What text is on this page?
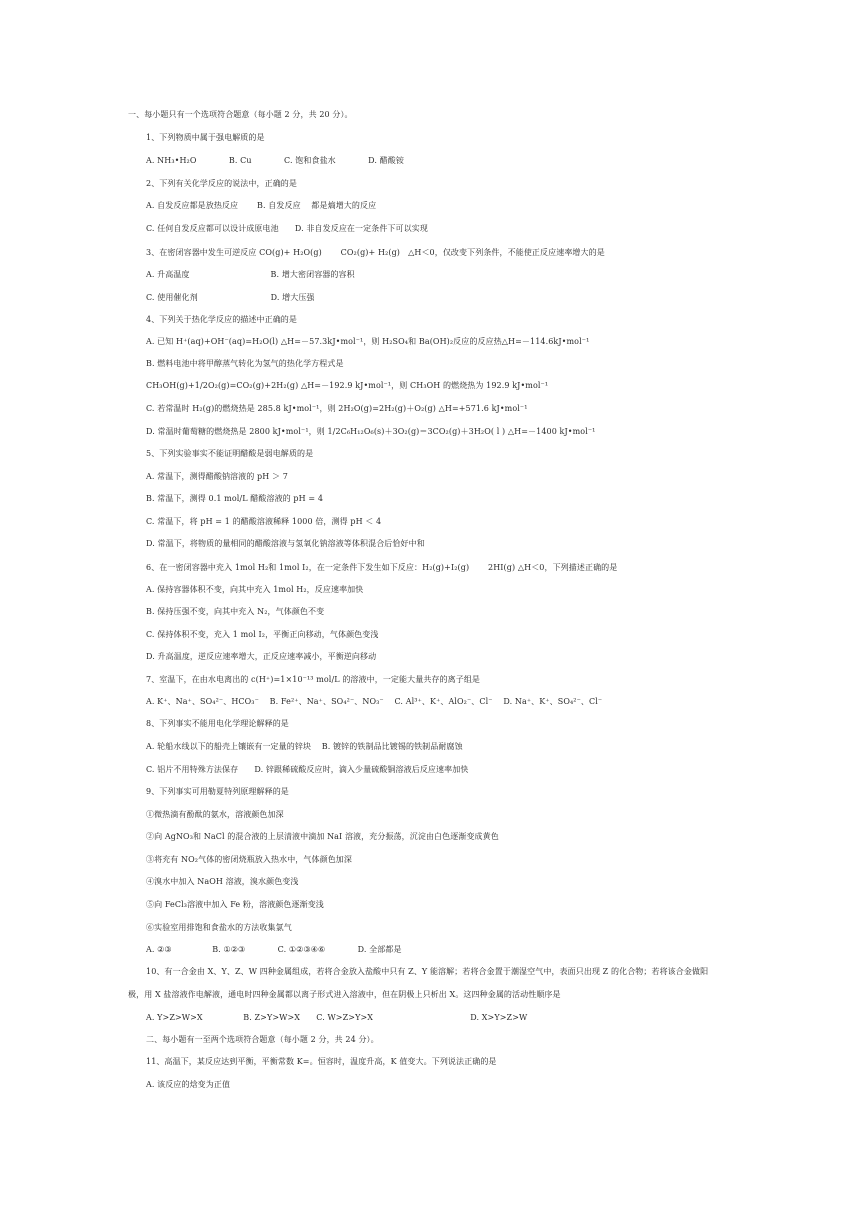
一、每小题只有一个选项符合题意（每小题 2 分，共 20 分）。
1、下列物质中属于强电解质的是
A. NH₃•H₂O　　　　B. Cu　　　　C. 饱和食盐水　　　　D. 醋酸铵
2、下列有关化学反应的说法中，正确的是
A. 自发反应都是放热反应　　 B. 自发反应　 都是熵增大的反应
C. 任何自发反应都可以设计成原电池　　D. 非自发反应在一定条件下可以实现
3、在密闭容器中发生可逆反应 CO(g)+ H₂O(g)　　 CO₂(g)+ H₂(g)　△H＜0，仅改变下列条件，不能使正反应速率增大的是
A. 升高温度　　　　　　　　　　B. 增大密闭容器的容积
C. 使用催化剂　　　　　　　　　D. 增大压强
4、下列关于热化学反应的描述中正确的是
A. 已知 H⁺(aq)+OH⁻(aq)=H₂O(l) △H=－57.3kJ•mol⁻¹，则 H₂SO₄和 Ba(OH)₂反应的反应热△H=－114.6kJ•mol⁻¹
B. 燃料电池中将甲醇蒸气转化为氢气的热化学方程式是
CH₃OH(g)+1/2O₂(g)=CO₂(g)+2H₂(g) △H=－192.9 kJ•mol⁻¹，则 CH₃OH 的燃烧热为 192.9 kJ•mol⁻¹
C. 若常温时 H₂(g)的燃烧热是 285.8 kJ•mol⁻¹，则 2H₂O(g)=2H₂(g)＋O₂(g) △H=+571.6 kJ•mol⁻¹
D. 常温时葡萄糖的燃烧热是 2800 kJ•mol⁻¹，则 1/2C₆H₁₂O₆(s)＋3O₂(g)＝3CO₂(g)＋3H₂O( l ) △H=－1400 kJ•mol⁻¹
5、下列实验事实不能证明醋酸是弱电解质的是
A. 常温下，测得醋酸钠溶液的 pH ＞ 7
B. 常温下，测得 0.1 mol/L 醋酸溶液的 pH = 4
C. 常温下，将 pH = 1 的醋酸溶液稀释 1000 倍，测得 pH ＜ 4
D. 常温下，将物质的量相同的醋酸溶液与氢氧化钠溶液等体积混合后恰好中和
6、在一密闭容器中充入 1mol H₂和 1mol I₂，在一定条件下发生如下反应：H₂(g)+I₂(g)　　 2HI(g) △H＜0，下列描述正确的是
A. 保持容器体积不变，向其中充入 1mol H₂，反应速率加快
B. 保持压强不变，向其中充入 N₂，气体颜色不变
C. 保持体积不变，充入 1 mol I₂，平衡正向移动，气体颜色变浅
D. 升高温度，逆反应速率增大，正反应速率减小，平衡逆向移动
7、室温下，在由水电离出的 c(H⁺)=1×10⁻¹³ mol/L 的溶液中，一定能大量共存的离子组是
A. K⁺、Na⁺、SO₄²⁻、HCO₃⁻　 B. Fe²⁺、Na⁺、SO₄²⁻、NO₃⁻　 C. Al³⁺、K⁺、AlO₂⁻、Cl⁻　 D. Na⁺、K⁺、SO₄²⁻、Cl⁻
8、下列事实不能用电化学理论解释的是
A. 轮船水线以下的船壳上镶嵌有一定量的锌块　 B. 镀锌的铁制品比镀锡的铁制品耐腐蚀
C. 铝片不用特殊方法保存　　D. 锌跟稀硫酸反应时，滴入少量硫酸铜溶液后反应速率加快
9、下列事实可用勒夏特列原理解释的是
①微热滴有酚酞的氨水，溶液颜色加深
②向 AgNO₃和 NaCl 的混合液的上层清液中滴加 NaI 溶液，充分振荡，沉淀由白色逐渐变成黄色
③将充有 NO₂气体的密闭烧瓶放入热水中，气体颜色加深
④溴水中加入 NaOH 溶液，溴水颜色变浅
⑤向 FeCl₃溶液中加入 Fe 粉，溶液颜色逐渐变浅
⑥实验室用排饱和食盐水的方法收集氯气
A. ②③　　　　　B. ①②③　　　　C. ①②③④⑥　　　　D. 全部都是
10、有一合金由 X、Y、Z、W 四种金属组成，若将合金放入盐酸中只有 Z、Y 能溶解；若将合金置于潮湿空气中，表面只出现 Z 的化合物；若将该合金做阳
极，用 X 盐溶液作电解液，通电时四种金属都以离子形式进入溶液中，但在阴极上只析出 X。这四种金属的活动性顺序是
A. Y>Z>W>X　　　　　B. Z>Y>W>X　　C. W>Z>Y>X　　　　　　　　　　　　D. X>Y>Z>W
二、每小题有一至两个选项符合题意（每小题 2 分，共 24 分）。
11、高温下，某反应达到平衡，平衡常数 K=。恒容时，温度升高，K 值变大。下列说法正确的是
A. 该反应的焓变为正值
